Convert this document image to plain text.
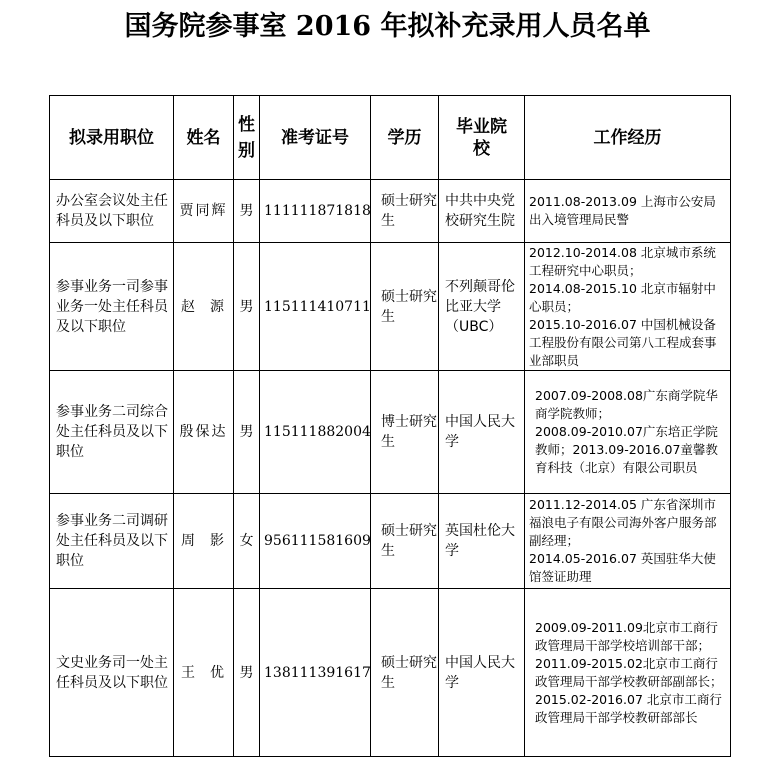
国务院参事室 2016 年拟补充录用人员名单
拟录用职位	姓名	性
别	准考证号	学历	毕业院校	工作经历
办公室会议处主任科员及以下职位	贾同辉	男	111111871818	硕士研究生	中共中央党校研究生院	2011.08-2013.09 上海市公安局出入境管理局民警

参事业务一司参事业务一处主任科员及以下职位	赵  源	男	115111410711	硕士研究生	不列颠哥伦比亚大学（UBC）	2012.10-2014.08 北京城市系统工程研究中心职员；
2014.08-2015.10 北京市辐射中心职员；
2015.10-2016.07 中国机械设备工程股份有限公司第八工程成套事业部职员

参事业务二司综合处主任科员及以下职位	殷保达	男	115111882004	博士研究生	中国人民大学	2007.09-2008.08广东商学院华商学院教师；
2008.09-2010.07广东培正学院教师；2013.09-2016.07童馨教育科技（北京）有限公司职员

参事业务二司调研处主任科员及以下职位	周  影	女	956111581609	硕士研究生	英国杜伦大学	2011.12-2014.05 广东省深圳市福浪电子有限公司海外客户服务部副经理；
2014.05-2016.07 英国驻华大使馆签证助理

文史业务司一处主任科员及以下职位	王  优	男	138111391617	硕士研究生	中国人民大学	2009.09-2011.09北京市工商行政管理局干部学校培训部干部；2011.09-2015.02北京市工商行政管理局干部学校教研部副部长；
2015.02-2016.07 北京市工商行政管理局干部学校教研部部长
